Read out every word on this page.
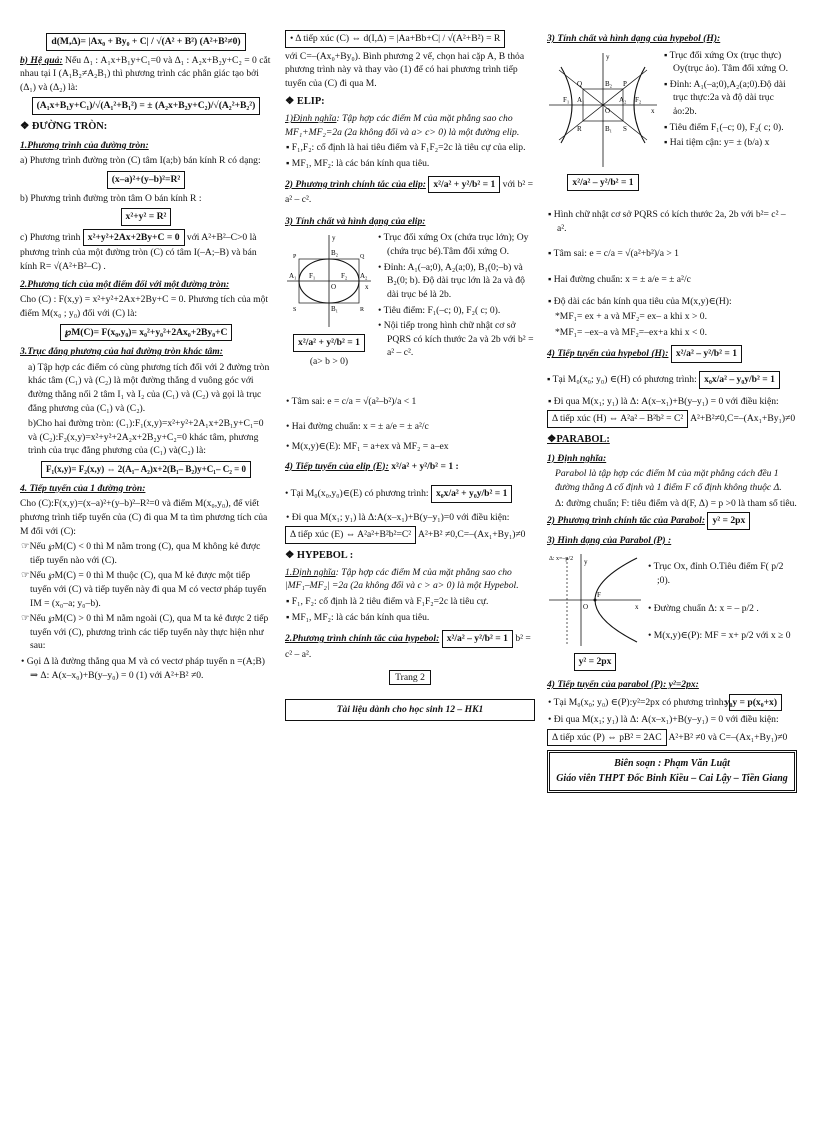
d(M,Δ)= |Ax₀ + By₀ + C| / √(A² + B²) (A²+B²≠0)

b) Hệ quả: Nếu Δ₁ : A₁x+B₁y+C₁=0 và Δ₁ : A₂x+B₂y+C₂ = 0 cắt nhau tại I (A₁B₂≠A₂B₁) thì phương trình các phân giác tạo bởi (Δ₁) và (Δ₂) là:

(A₁x+B₁y+C₁)/√(A₁²+B₁²) = ± (A₂x+B₂y+C₂)/√(A₂²+B₂²)
❖ ĐƯỜNG TRÒN:
1.Phương trình của đường tròn:

a) Phương trình đường tròn (C) tâm I(a;b) bán kính R có dạng:

(x–a)²+(y–b)²=R²

b) Phương trình đường tròn tâm O bán kính R :

x²+y² = R²

c) Phương trình x²+y²+2Ax+2By+C = 0 với A²+B²–C>0 là phương trình của một đường tròn (C) có tâm I(–A;–B) và bán kính R= √(A²+B²–C) .

2.Phương tích của một điểm đối với một đường tròn:

Cho (C) : F(x,y) = x²+y²+2Ax+2By+C = 0. Phương tích của một điểm M(x₀ ; y₀) đối với (C) là:

℘M(C)= F(x₀,y₀)= x₀²+y₀²+2Ax₀+2By₀+C
3.Trục đẳng phương của hai đường tròn khác tâm:

a) Tập hợp các điểm có cùng phương tích đối với 2 đường tròn khác tâm (C₁) và (C₂) là một đường thẳng d vuông góc với đường thẳng nối 2 tâm I₁ và I₂ của (C₁) và (C₂) và gọi là trục đẳng phương của (C₁) và (C₂).

b)Cho hai đường tròn: (C₁):F₁(x,y)=x²+y²+2A₁x+2B₁y+C₁=0 và (C₂):F₂(x,y)=x²+y²+2A₂x+2B₂y+C₂=0 khác tâm, phương trình của trục đẳng phương của (C₁) và(C₂) là:

F₁(x,y)= F₂(x,y) ⇔ 2(A₁– A₂)x+2(B₁– B₂)y+C₁– C₂ = 0
4. Tiếp tuyến của 1 đường tròn:

Cho (C):F(x,y)=(x–a)²+(y–b)²–R²=0 và điểm M(x₀,y₀), để viết phương trình tiếp tuyến của (C) đi qua M ta tìm phương tích của M đối với (C):

☞Nếu ℘M(C) < 0 thì M nằm trong (C), qua M không kẻ được tiếp tuyến nào với (C).

☞Nếu ℘M(C) = 0 thì M thuộc (C), qua M kẻ được một tiếp tuyến với (C) và tiếp tuyến này đi qua M có vectơ pháp tuyến IM = (x₀–a; y₀–b).

☞Nếu ℘M(C) > 0 thì M nằm ngoài (C), qua M ta kẻ được 2 tiếp tuyến với (C), phương trình các tiếp tuyến này thực hiện như sau:

• Gọi Δ là đường thẳng qua M và có vectơ pháp tuyến n =(A;B) ⇒ Δ: A(x–x₀)+B(y–y₀) = 0 (1) với A²+B² ≠0.

• Δ tiếp xúc (C) ⇔ d(I,Δ) = |Aa+Bb+C| / √(A²+B²) = R

với C=–(Ax₀+By₀). Bình phương 2 vế, chọn hai cặp A, B thỏa phương trình này và thay vào (1) để có hai phương trình tiếp tuyến của (C) đi qua M.

❖ ELIP:

1)Định nghĩa: Tập hợp các điểm M của mặt phẳng sao cho MF₁+MF₂=2a (2a không đổi và a> c> 0) là một đường elip.

▪ F₁,F₂: cố định là hai tiêu điểm và F₁F₂=2c là tiêu cự của elip.

▪ MF₁, MF₂: là các bán kính qua tiêu.

2) Phương trình chính tắc của elip: x²/a² + y²/b² = 1 với b² = a² – c².

3) Tính chất và hình dạng của elip:
B₂
A₁ F₁
O
F₂ A₂
B₁
P	Q
R
S
x
y
x²/a² + y²/b² = 1
(a> b > 0)

• Trục đối xứng Ox (chứa trục lớn); Oy (chứa trục bé).Tâm đối xứng O.

• Đỉnh: A₁(–a;0), A₂(a;0), B₁(0;–b) và B₂(0; b). Độ dài trục lớn là 2a và độ dài trục bé là 2b.

• Tiêu điểm: F₁(–c; 0), F₂( c; 0).

• Nội tiếp trong hình chữ nhật cơ sở PQRS có kích thước 2a và 2b với b² = a² – c².

• Tâm sai: e = c/a = √(a²–b²)/a < 1

• Hai đường chuẩn: x = ± a/e = ± a²/c

• M(x,y)∈(E): MF₁ = a+ex và MF₂ = a–ex

4) Tiếp tuyến của elip (E): x²/a² + y²/b² = 1 :

• Tại M₀(x₀,y₀)∈(E) có phương trình: x₀x/a² + y₀y/b² = 1

• Đi qua M(x₁; y₁) là Δ:A(x–x₁)+B(y–y₁)=0 với điều kiện:

Δ tiếp xúc (E) ⇔ A²a²+B²b²=C² A²+B² ≠0,C=–(Ax₁+By₁)≠0

❖ HYPEBOL :

1.Định nghĩa: Tập hợp các điểm M của mặt phẳng sao cho |MF₁–MF₂| =2a (2a không đổi và c > a> 0) là một Hypebol.

▪ F₁, F₂: cố định là 2 tiêu điểm và F₁F₂=2c là tiêu cự.

▪ MF₁, MF₂: là các bán kính qua tiêu.

2.Phương trình chính tắc của hypebol: x²/a² – y²/b² = 1 b² = c² – a².

Trang 2
Tài liệu dành cho học sinh 12 – HK1
3) Tính chất và hình dạng của hypebol (H):
Q	B₂ P
A₁
F₁
O
F₂
A₂
x
y
R	B₁ S
x²/a² – y²/b² = 1

▪ Trục đối xứng Ox (trục thực) Oy(trục ảo). Tâm đối xứng O.

▪ Đỉnh: A₁(–a;0),A₂(a;0).Độ dài trục thực:2a và độ dài trục ảo:2b.

▪ Tiêu điểm F₁(–c; 0), F₂( c; 0).

▪ Hai tiệm cận: y= ± (b/a) x

▪ Hình chữ nhật cơ sở PQRS có kích thước 2a, 2b với b²= c² – a².

▪ Tâm sai: e = c/a = √(a²+b²)/a > 1

▪ Hai đường chuẩn: x = ± a/e = ± a²/c

▪ Độ dài các bán kính qua tiêu của M(x,y)∈(H):

*MF₁= ex + a và MF₂= ex– a khi x > 0.

*MF₁= –ex–a và MF₂=–ex+a khi x < 0.

4) Tiếp tuyến của hypebol (H): x²/a² – y²/b² = 1

▪ Tại M₀(x₀; y₀) ∈(H) có phương trình: x₀x/a² – y₀y/b² = 1

▪ Đi qua M(x₁; y₁) là Δ: A(x–x₁)+B(y–y₁) = 0 với điều kiện:

Δ tiếp xúc (H) ⇔ A²a² – B²b² = C² A²+B²≠0,C=–(Ax₁+By₁)≠0

❖PARABOL:
1) Định nghĩa:

Parabol là tập hợp các điểm M của mặt phẳng cách đều 1 đường thẳng Δ cố định và 1 điểm F cố định không thuộc Δ.

Δ: đường chuẩn; F: tiêu điểm và d(F, Δ) = p >0 là tham số tiêu.

2) Phương trình chính tắc của Parabol: y² = 2px

3) Hình dạng của Parabol (P) :
Δ: x=–p/2 y
O
F
x
y² = 2px

• Trục Ox, đỉnh O.Tiêu điểm F( p/2 ;0).

• Đường chuẩn Δ: x = – p/2 .

• M(x,y)∈(P): MF = x+ p/2 với x ≥ 0

4) Tiếp tuyến của parabol (P): y²=2px:

• Tại M₀(x₀; y₀) ∈(P):y²=2px có phương trình: y₀y = p(x₀+x)

• Đi qua M(x₁; y₁) là Δ: A(x–x₁)+B(y–y₁) = 0 với điều kiện:

Δ tiếp xúc (P) ⇔ pB² = 2AC A²+B² ≠0 và C=–(Ax₁+By₁)≠0

Biên soạn : Phạm Văn Luật
Giáo viên THPT Đốc Binh Kiều – Cai Lậy – Tiền Giang
